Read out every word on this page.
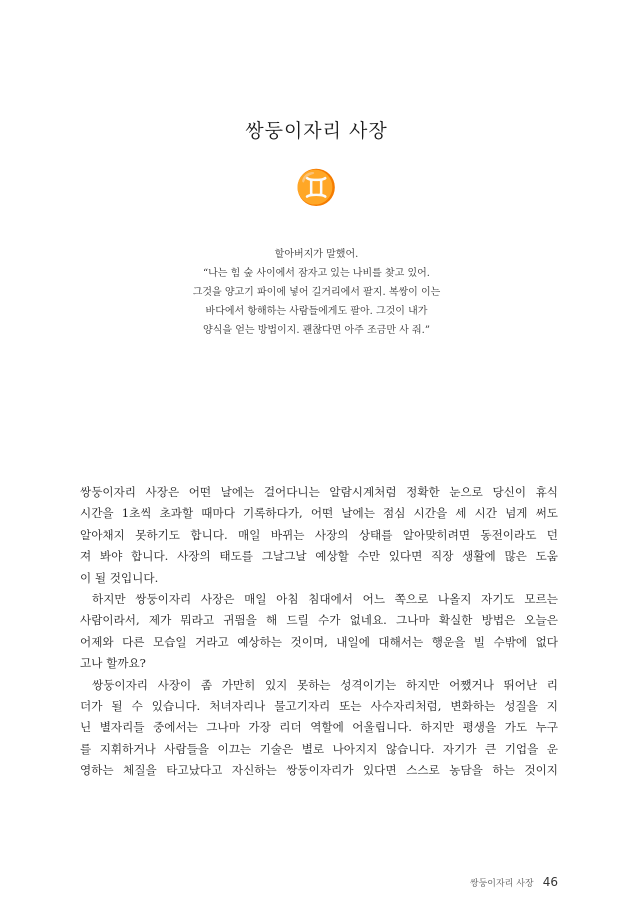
쌍둥이자리 사장
♊
할아버지가 말했어.
“나는 힘 숲 사이에서 잠자고 있는 나비를 찾고 있어.
그것을 양고기 파이에 넣어 길거리에서 팔지. 복쌍이 이는
바다에서 항해하는 사람들에게도 팔아. 그것이 내가
양식을 얻는 방법이지. 괜찮다면 아주 조금만 사 줘.”
쌍둥이자리 사장은 어떤 날에는 걸어다니는 알람시계처럼 정확한 눈으로 당신이 휴식
시간을 1초씩 초과할 때마다 기록하다가, 어떤 날에는 점심 시간을 세 시간 넘게 써도
알아채지 못하기도 합니다. 매일 바뀌는 사장의 상태를 알아맞히려면 동전이라도 던
져 봐야 합니다. 사장의 태도를 그날그날 예상할 수만 있다면 직장 생활에 많은 도움
이 될 것입니다.
하지만 쌍둥이자리 사장은 매일 아침 침대에서 어느 쪽으로 나올지 자기도 모르는
사람이라서, 제가 뭐라고 귀띔을 해 드릴 수가 없네요. 그나마 확실한 방법은 오늘은
어제와 다른 모습일 거라고 예상하는 것이며, 내일에 대해서는 행운을 빌 수밖에 없다
고나 할까요?
쌍둥이자리 사장이 좀 가만히 있지 못하는 성격이기는 하지만 어쨌거나 뛰어난 리
더가 될 수 있습니다. 처녀자리나 물고기자리 또는 사수자리처럼, 변화하는 성질을 지
닌 별자리들 중에서는 그나마 가장 리더 역할에 어울립니다. 하지만 평생을 가도 누구
를 지휘하거나 사람들을 이끄는 기술은 별로 나아지지 않습니다. 자기가 큰 기업을 운
영하는 체질을 타고났다고 자신하는 쌍둥이자리가 있다면 스스로 농담을 하는 것이지
쌍둥이자리 사장 46
